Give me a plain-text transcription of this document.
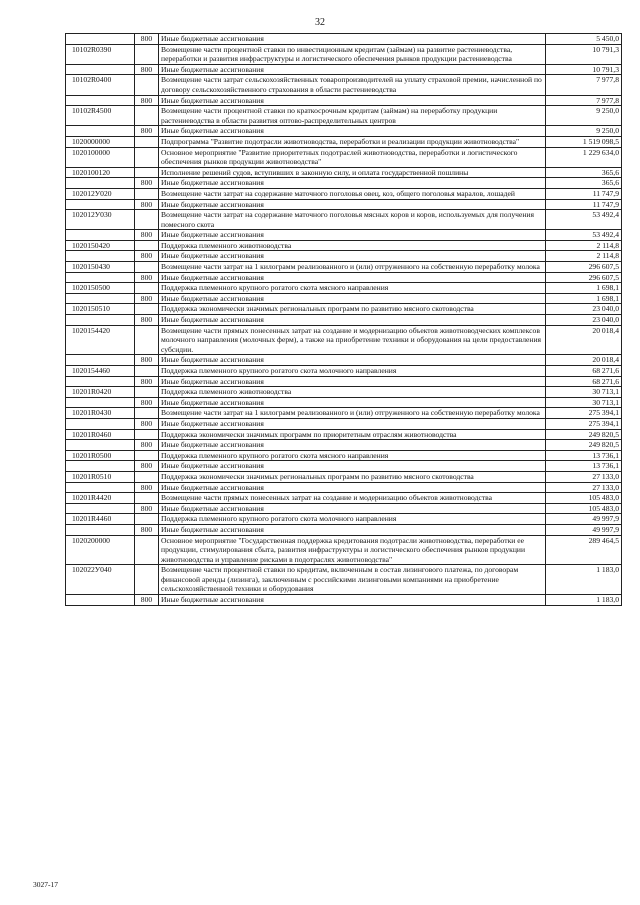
32
	800	Иные бюджетные ассигнования	5 450,0
10102R0390		Возмещение части процентной ставки по инвестиционным кредитам (займам) на развитие растениеводства, переработки и развития инфраструктуры и логистического обеспечения рынков продукции растениеводства	10 791,3
	800	Иные бюджетные ассигнования	10 791,3
10102R0400		Возмещение части затрат сельскохозяйственных товаропроизводителей на уплату страховой премии, начисленной по договору сельскохозяйственного страхования в области растениеводства	7 977,8
	800	Иные бюджетные ассигнования	7 977,8
10102R4500		Возмещение части процентной ставки по краткосрочным кредитам (займам) на переработку продукции растениеводства в области развития оптово-распределительных центров	9 250,0
	800	Иные бюджетные ассигнования	9 250,0
1020000000		Подпрограмма "Развитие подотрасли животноводства, переработки и реализации продукции животноводства"	1 519 098,5
1020100000		Основное мероприятие "Развитие приоритетных подотраслей животноводства, переработки и логистического обеспечения рынков продукции животноводства"	1 229 634,0
1020100120		Исполнение решений судов, вступивших в законную силу, и оплата государственной пошлины	365,6
	800	Иные бюджетные ассигнования	365,6
102012У020		Возмещение части затрат на содержание маточного поголовья овец, коз, общего поголовья маралов, лошадей	11 747,9
	800	Иные бюджетные ассигнования	11 747,9
102012У030		Возмещение части затрат на содержание маточного поголовья мясных коров и коров, используемых для получения помесного скота	53 492,4
	800	Иные бюджетные ассигнования	53 492,4
1020150420		Поддержка племенного животноводства	2 114,8
	800	Иные бюджетные ассигнования	2 114,8
1020150430		Возмещение части затрат на 1 килограмм реализованного и (или) отгруженного на собственную переработку молока	296 607,5
	800	Иные бюджетные ассигнования	296 607,5
1020150500		Поддержка племенного крупного рогатого скота мясного направления	1 698,1
	800	Иные бюджетные ассигнования	1 698,1
1020150510		Поддержка экономически значимых региональных программ по развитию мясного скотоводства	23 040,0
	800	Иные бюджетные ассигнования	23 040,0
1020154420		Возмещение части прямых понесенных затрат на создание и модернизацию объектов животноводческих комплексов молочного направления (молочных ферм), а также на приобретение техники и оборудования на цели предоставления субсидии.	20 018,4
	800	Иные бюджетные ассигнования	20 018,4
1020154460		Поддержка племенного крупного рогатого скота молочного направления	68 271,6
	800	Иные бюджетные ассигнования	68 271,6
10201R0420		Поддержка племенного животноводства	30 713,1
	800	Иные бюджетные ассигнования	30 713,1
10201R0430		Возмещение части затрат на 1 килограмм реализованного и (или) отгруженного на собственную переработку молока	275 394,1
	800	Иные бюджетные ассигнования	275 394,1
10201R0460		Поддержка экономически значимых программ по приоритетным отраслям животноводства	249 820,5
	800	Иные бюджетные ассигнования	249 820,5
10201R0500		Поддержка племенного крупного рогатого скота мясного направления	13 736,1
	800	Иные бюджетные ассигнования	13 736,1
10201R0510		Поддержка экономически значимых региональных программ по развитию мясного скотоводства	27 133,0
	800	Иные бюджетные ассигнования	27 133,0
10201R4420		Возмещение части прямых понесенных затрат на создание и модернизацию объектов животноводства	105 483,0
	800	Иные бюджетные ассигнования	105 483,0
10201R4460		Поддержка племенного крупного рогатого скота молочного направления	49 997,9
	800	Иные бюджетные ассигнования	49 997,9
1020200000		Основное мероприятие "Государственная поддержка кредитования подотрасли животноводства, переработки ее продукции, стимулирования сбыта, развития инфраструктуры и логистического обеспечения рынков продукции животноводства и управление рисками в подотраслях животноводства"	289 464,5
102022У040		Возмещение части процентной ставки по кредитам, включенным в состав лизингового платежа, по договорам финансовой аренды (лизинга), заключенным с российскими лизинговыми компаниями на приобретение сельскохозяйственной техники и оборудования	1 183,0
	800	Иные бюджетные ассигнования	1 183,0
3027-17
